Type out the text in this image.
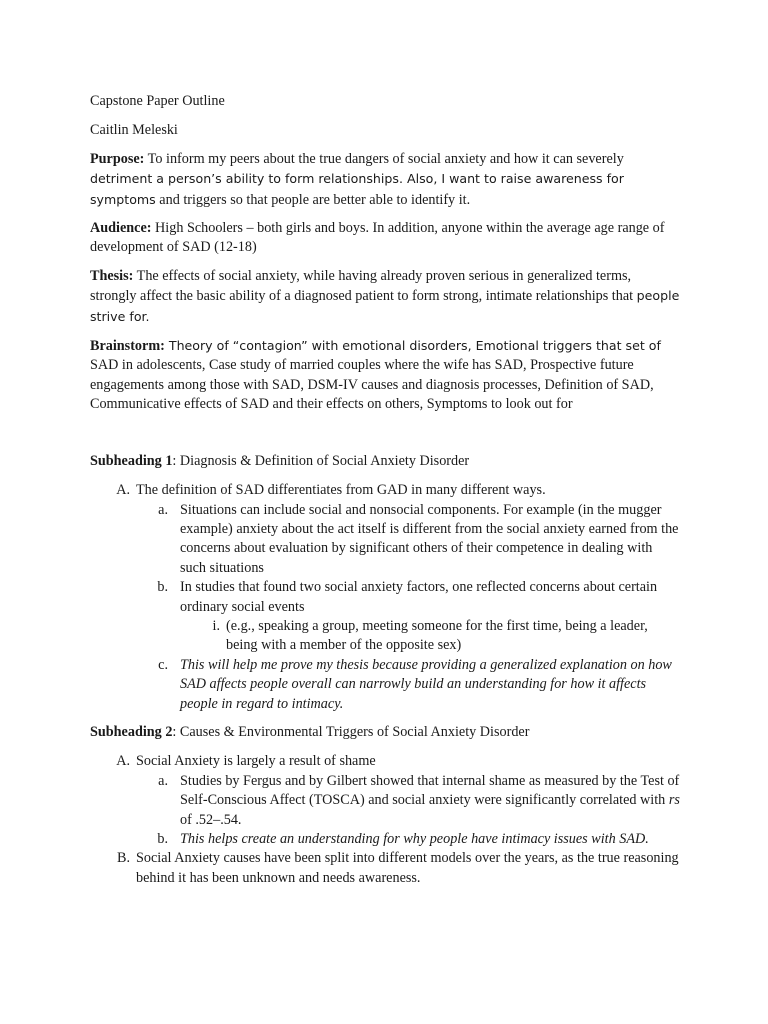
Capstone Paper Outline

Caitlin Meleski

Purpose: To inform my peers about the true dangers of social anxiety and how it can severely detriment a person’s ability to form relationships. Also, I want to raise awareness for symptoms and triggers so that people are better able to identify it.

Audience: High Schoolers – both girls and boys. In addition, anyone within the average age range of development of SAD (12-18)

Thesis: The effects of social anxiety, while having already proven serious in generalized terms, strongly affect the basic ability of a diagnosed patient to form strong, intimate relationships that people strive for.

Brainstorm: Theory of “contagion” with emotional disorders, Emotional triggers that set of SAD in adolescents, Case study of married couples where the wife has SAD, Prospective future engagements among those with SAD, DSM-IV causes and diagnosis processes, Definition of SAD, Communicative effects of SAD and their effects on others, Symptoms to look out for

Subheading 1: Diagnosis & Definition of Social Anxiety Disorder

A. The definition of SAD differentiates from GAD in many different ways.
a. Situations can include social and nonsocial components. For example (in the mugger example) anxiety about the act itself is different from the social anxiety earned from the concerns about evaluation by significant others of their competence in dealing with such situations
b. In studies that found two social anxiety factors, one reflected concerns about certain ordinary social events
i. (e.g., speaking a group, meeting someone for the first time, being a leader, being with a member of the opposite sex)
c. This will help me prove my thesis because providing a generalized explanation on how SAD affects people overall can narrowly build an understanding for how it affects people in regard to intimacy.

Subheading 2: Causes & Environmental Triggers of Social Anxiety Disorder

A. Social Anxiety is largely a result of shame
a. Studies by Fergus and by Gilbert showed that internal shame as measured by the Test of Self-Conscious Affect (TOSCA) and social anxiety were significantly correlated with rs of .52–.54.
b. This helps create an understanding for why people have intimacy issues with SAD.
B. Social Anxiety causes have been split into different models over the years, as the true reasoning behind it has been unknown and needs awareness.
